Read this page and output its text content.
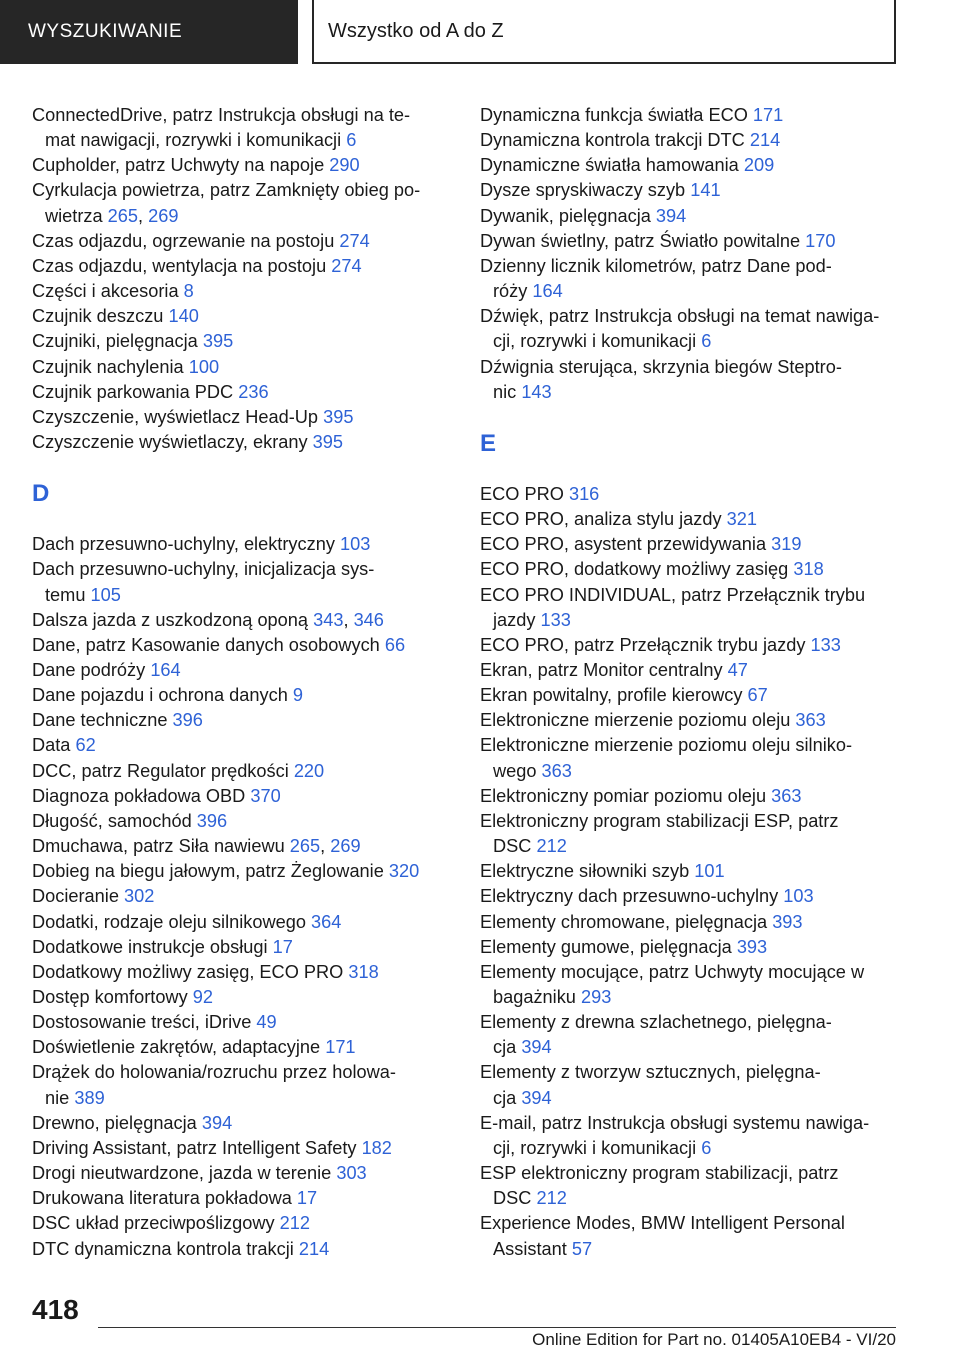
WYSZUKIWANIE	Wszystko od A do Z
ConnectedDrive, patrz Instrukcja obsługi na te-
mat nawigacji, rozrywki i komunikacji 6
Cupholder, patrz Uchwyty na napoje 290
Cyrkulacja powietrza, patrz Zamknięty obieg po-
wietrza 265, 269
Czas odjazdu, ogrzewanie na postoju 274
Czas odjazdu, wentylacja na postoju 274
Części i akcesoria 8
Czujnik deszczu 140
Czujniki, pielęgnacja 395
Czujnik nachylenia 100
Czujnik parkowania PDC 236
Czyszczenie, wyświetlacz Head-Up 395
Czyszczenie wyświetlaczy, ekrany 395
D
Dach przesuwno-uchylny, elektryczny 103
Dach przesuwno-uchylny, inicjalizacja sys-
temu 105
Dalsza jazda z uszkodzoną oponą 343, 346
Dane, patrz Kasowanie danych osobowych 66
Dane podróży 164
Dane pojazdu i ochrona danych 9
Dane techniczne 396
Data 62
DCC, patrz Regulator prędkości 220
Diagnoza pokładowa OBD 370
Długość, samochód 396
Dmuchawa, patrz Siła nawiewu 265, 269
Dobieg na biegu jałowym, patrz Żeglowanie 320
Docieranie 302
Dodatki, rodzaje oleju silnikowego 364
Dodatkowe instrukcje obsługi 17
Dodatkowy możliwy zasięg, ECO PRO 318
Dostęp komfortowy 92
Dostosowanie treści, iDrive 49
Doświetlenie zakrętów, adaptacyjne 171
Drążek do holowania/rozruchu przez holowa-
nie 389
Drewno, pielęgnacja 394
Driving Assistant, patrz Intelligent Safety 182
Drogi nieutwardzone, jazda w terenie 303
Drukowana literatura pokładowa 17
DSC układ przeciwpoślizgowy 212
DTC dynamiczna kontrola trakcji 214
Dynamiczna funkcja światła ECO 171
Dynamiczna kontrola trakcji DTC 214
Dynamiczne światła hamowania 209
Dysze spryskiwaczy szyb 141
Dywanik, pielęgnacja 394
Dywan świetlny, patrz Światło powitalne 170
Dzienny licznik kilometrów, patrz Dane pod-
róży 164
Dźwięk, patrz Instrukcja obsługi na temat nawiga-
cji, rozrywki i komunikacji 6
Dźwignia sterująca, skrzynia biegów Steptro-
nic 143
E
ECO PRO 316
ECO PRO, analiza stylu jazdy 321
ECO PRO, asystent przewidywania 319
ECO PRO, dodatkowy możliwy zasięg 318
ECO PRO INDIVIDUAL, patrz Przełącznik trybu
jazdy 133
ECO PRO, patrz Przełącznik trybu jazdy 133
Ekran, patrz Monitor centralny 47
Ekran powitalny, profile kierowcy 67
Elektroniczne mierzenie poziomu oleju 363
Elektroniczne mierzenie poziomu oleju silniko-
wego 363
Elektroniczny pomiar poziomu oleju 363
Elektroniczny program stabilizacji ESP, patrz
DSC 212
Elektryczne siłowniki szyb 101
Elektryczny dach przesuwno-uchylny 103
Elementy chromowane, pielęgnacja 393
Elementy gumowe, pielęgnacja 393
Elementy mocujące, patrz Uchwyty mocujące w
bagażniku 293
Elementy z drewna szlachetnego, pielęgna-
cja 394
Elementy z tworzyw sztucznych, pielęgna-
cja 394
E-mail, patrz Instrukcja obsługi systemu nawiga-
cji, rozrywki i komunikacji 6
ESP elektroniczny program stabilizacji, patrz
DSC 212
Experience Modes, BMW Intelligent Personal
Assistant 57
418
Online Edition for Part no. 01405A10EB4 - VI/20
